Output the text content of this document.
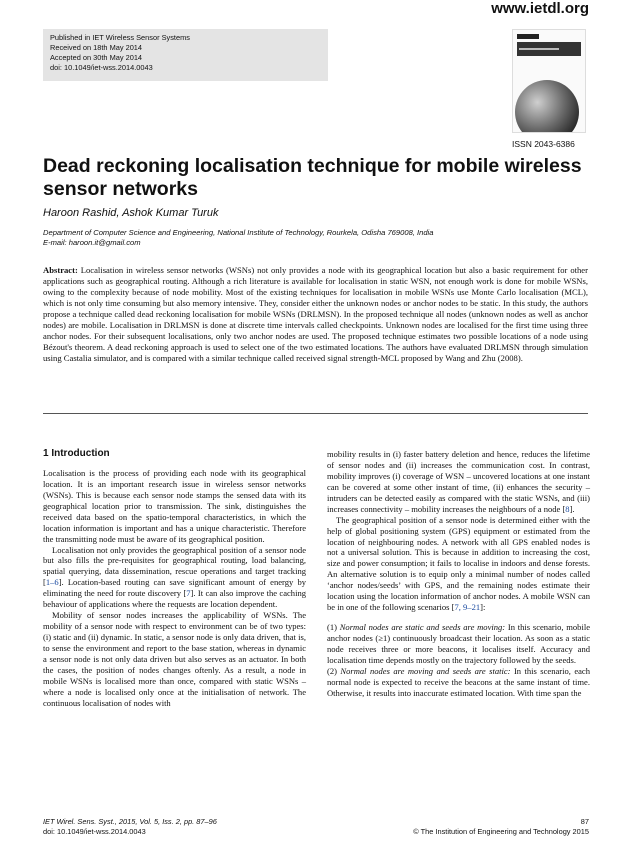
www.ietdl.org
Published in IET Wireless Sensor Systems
Received on 18th May 2014
Accepted on 30th May 2014
doi: 10.1049/iet-wss.2014.0043
ISSN 2043-6386
Dead reckoning localisation technique for mobile wireless sensor networks
Haroon Rashid, Ashok Kumar Turuk
Department of Computer Science and Engineering, National Institute of Technology, Rourkela, Odisha 769008, India
E-mail: haroon.it@gmail.com

Abstract: Localisation in wireless sensor networks (WSNs) not only provides a node with its geographical location but also a basic requirement for other applications such as geographical routing. Although a rich literature is available for localisation in static WSN, not enough work is done for mobile WSNs, owing to the complexity because of node mobility. Most of the existing techniques for localisation in mobile WSNs use Monte Carlo localisation (MCL), which is not only time consuming but also memory intensive. They, consider either the unknown nodes or anchor nodes to be static. In this study, the authors propose a technique called dead reckoning localisation for mobile WSNs (DRLMSN). In the proposed technique all nodes (unknown nodes as well as anchor nodes) are mobile. Localisation in DRLMSN is done at discrete time intervals called checkpoints. Unknown nodes are localised for the first time using three anchor nodes. For their subsequent localisations, only two anchor nodes are used. The proposed technique estimates two possible locations of a node using Bézout's theorem. A dead reckoning approach is used to select one of the two estimated locations. The authors have evaluated DRLMSN through simulation using Castalia simulator, and is compared with a similar technique called received signal strength-MCL proposed by Wang and Zhu (2008).

1 Introduction

Localisation is the process of providing each node with its geographical location. It is an important research issue in wireless sensor networks (WSNs). This is because each sensor node stamps the sensed data with its geographical location prior to transmission. The sink, distinguishes the received data based on the spatio-temporal characteristics, in which the location information is important and has a unique characteristic. Therefore the transmitting node must be aware of its geographical position.

Localisation not only provides the geographical position of a sensor node but also fills the pre-requisites for geographical routing, load balancing, spatial querying, data dissemination, rescue operations and target tracking [1–6]. Location-based routing can save significant amount of energy by eliminating the need for route discovery [7]. It can also improve the caching behaviour of applications where the requests are location dependent.

Mobility of sensor nodes increases the applicability of WSNs. The mobility of a sensor node with respect to environment can be of two types: (i) static and (ii) dynamic. In static, a sensor node is only data driven, that is, to sense the environment and report to the base station, whereas in dynamic a sensor node is not only data driven but also serves as an actuator. In both the cases, the position of nodes changes oftenly. As a result, a node in mobile WSNs is localised more than once, compared with static WSNs – where a node is localised only once at the initialisation of network. The continuous localisation of nodes with

mobility results in (i) faster battery deletion and hence, reduces the lifetime of sensor nodes and (ii) increases the communication cost. In contrast, mobility improves (i) coverage of WSN – uncovered locations at one instant can be covered at some other instant of time, (ii) enhances the security – intruders can be detected easily as compared with the static WSNs, and (iii) increases connectivity – mobility increases the neighbours of a node [8].

The geographical position of a sensor node is determined either with the help of global positioning system (GPS) equipment or estimated from the location of neighbouring nodes. A network with all GPS enabled nodes is not a universal solution. This is because in addition to increasing the cost, size and power consumption; it fails to localise in indoors and dense forests. An alternative solution is to equip only a minimal number of nodes called ‘anchor nodes/seeds’ with GPS, and the remaining nodes estimate their location using the location information of anchor nodes. A mobile WSN can be in one of the following scenarios [7, 9–21]:

(1) Normal nodes are static and seeds are moving: In this scenario, mobile anchor nodes (≥1) continuously broadcast their location. As soon as a static node receives three or more beacons, it localises itself. Accuracy and localisation time depends mostly on the trajectory followed by the seeds.

(2) Normal nodes are moving and seeds are static: In this scenario, each normal node is expected to receive the beacons at the same instant of time. Otherwise, it results into inaccurate estimated location. With time span the

IET Wirel. Sens. Syst., 2015, Vol. 5, Iss. 2, pp. 87–96
doi: 10.1049/iet-wss.2014.0043
87
© The Institution of Engineering and Technology 2015
